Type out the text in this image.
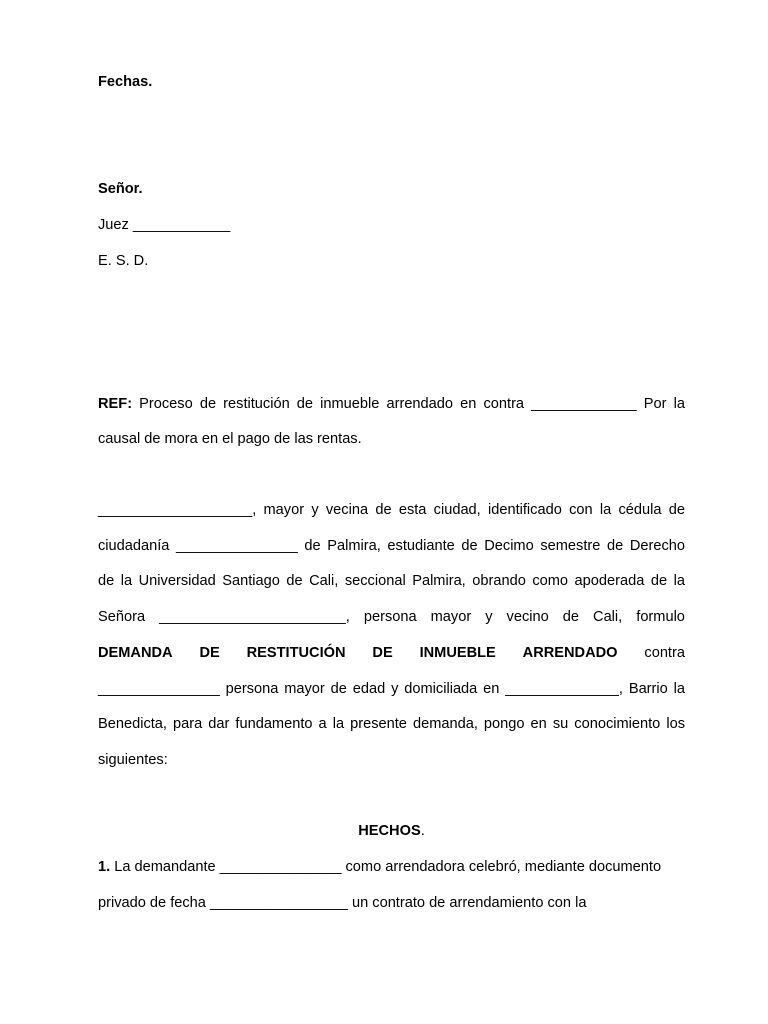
Fechas.
Señor.
Juez ____________
E. S. D.
REF: Proceso de restitución de inmueble arrendado en contra _____________ Por la
causal de mora en el pago de las rentas.
___________________, mayor y vecina de esta ciudad, identificado con la cédula de
ciudadanía _______________ de Palmira, estudiante de Decimo semestre de Derecho
de la Universidad Santiago de Cali, seccional Palmira, obrando como apoderada de la
Señora _______________________, persona mayor y vecino de Cali, formulo
DEMANDA DE RESTITUCIÓN DE INMUEBLE ARRENDADO contra
_______________ persona mayor de edad y domiciliada en ______________, Barrio la
Benedicta, para dar fundamento a la presente demanda, pongo en su conocimiento los
siguientes:
HECHOS.
1. La demandante _______________ como arrendadora celebró, mediante documento
privado de fecha _________________ un contrato de arrendamiento con la
